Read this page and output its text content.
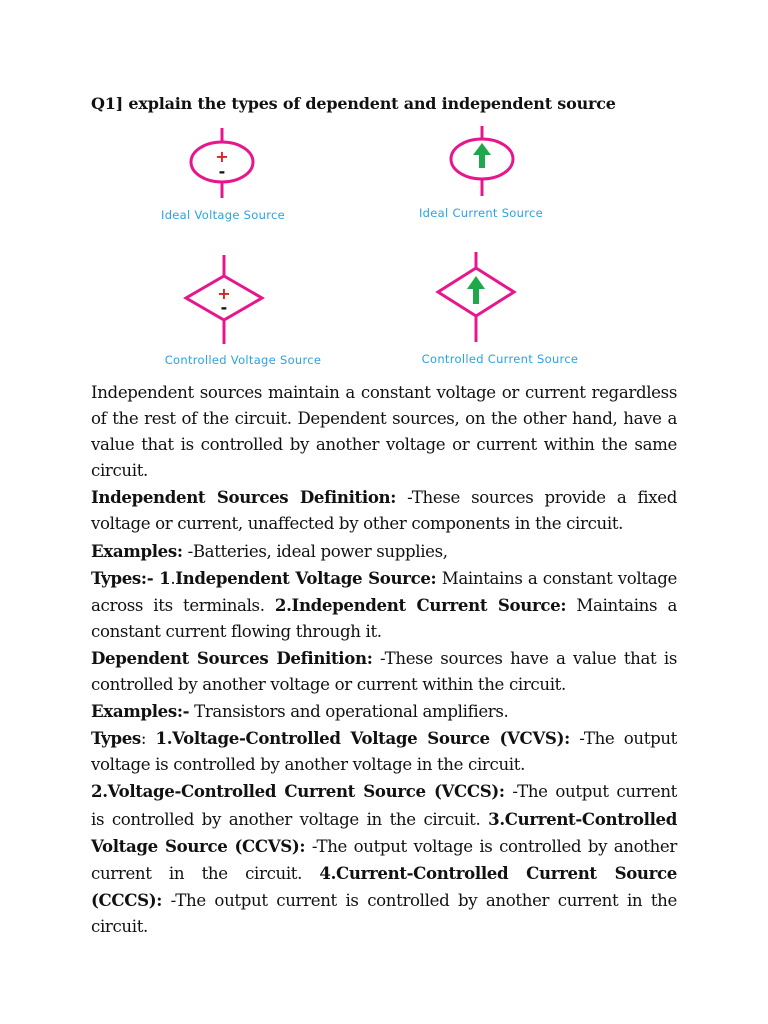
Q1] explain the types of dependent and independent source
+
-
Ideal Voltage Source	Ideal Current Source
+
-
Controlled Voltage Source	Controlled Current Source

Independent sources maintain a constant voltage or current regardless of the rest of the circuit. Dependent sources, on the other hand, have a value that is controlled by another voltage or current within the same circuit.

Independent Sources Definition: -These sources provide a fixed voltage or current, unaffected by other components in the circuit.

Examples: -Batteries, ideal power supplies,

Types:- 1.Independent Voltage Source: Maintains a constant voltage across its terminals. 2.Independent Current Source: Maintains a constant current flowing through it.

Dependent Sources Definition: -These sources have a value that is controlled by another voltage or current within the circuit.

Examples:- Transistors and operational amplifiers.

Types: 1.Voltage-Controlled Voltage Source (VCVS): -The output voltage is controlled by another voltage in the circuit.

2.Voltage-Controlled Current Source (VCCS): -The output current is controlled by another voltage in the circuit. 3.Current-Controlled Voltage Source (CCVS): -The output voltage is controlled by another current in the circuit. 4.Current-Controlled Current Source (CCCS): -The output current is controlled by another current in the circuit.
